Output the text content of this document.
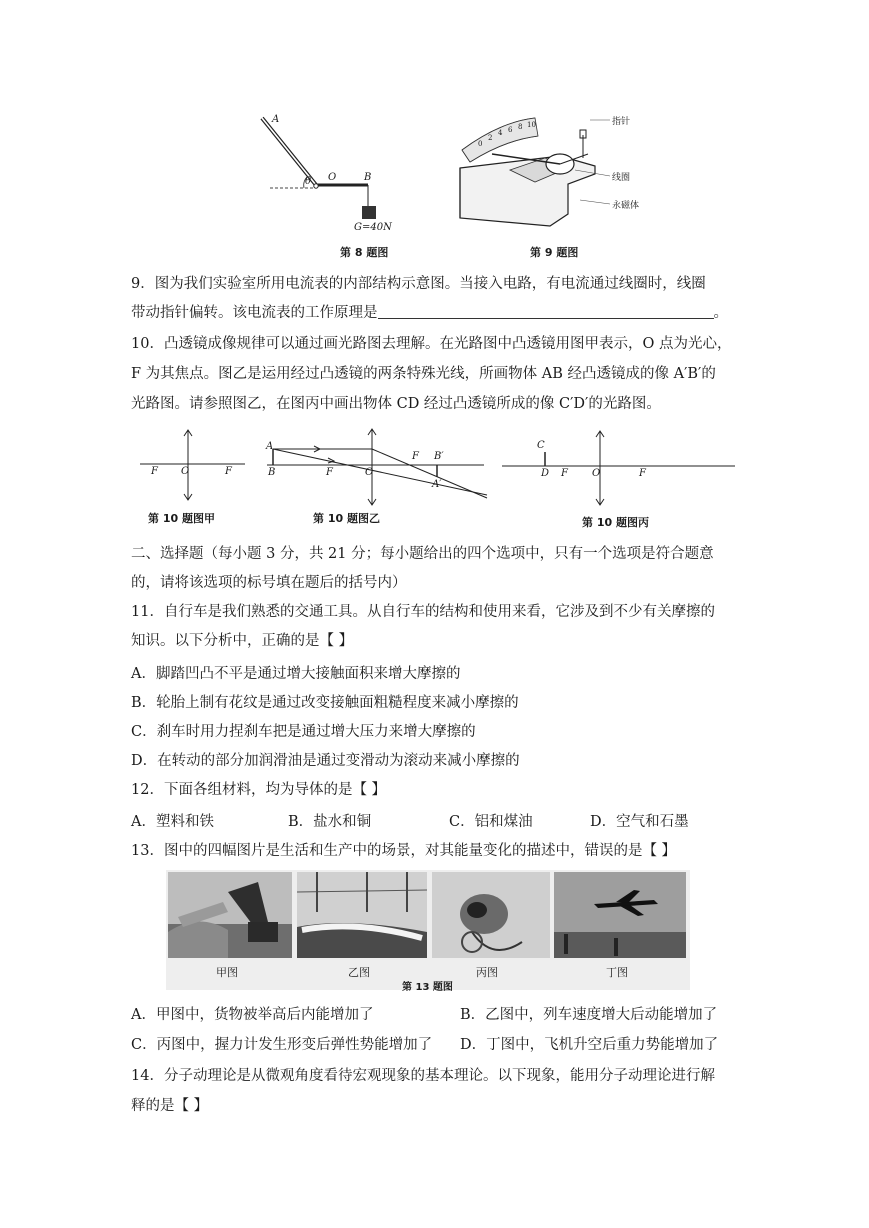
A
θ O	B
G=40N
第 8 题图
指针
线圈
永磁体
0
2
4 6 8 10
第 9 题图
9．图为我们实验室所用电流表的内部结构示意图。当接入电路，有电流通过线圈时，线圈
带动指针偏转。该电流表的工作原理是	。
10．凸透镜成像规律可以通过画光路图去理解。在光路图中凸透镜用图甲表示，O 点为光心，
F 为其焦点。图乙是运用经过凸透镜的两条特殊光线，所画物体 AB 经凸透镜成的像 A′B′的
光路图。请参照图乙，在图丙中画出物体 CD 经过凸透镜所成的像 C′D′的光路图。
F O	F
第 10 题图甲
A
B	F	O
F B′
A′
第 10 题图乙
C
D F O	F
第 10 题图丙
二、选择题（每小题 3 分，共 21 分；每小题给出的四个选项中，只有一个选项是符合题意
的，请将该选项的标号填在题后的括号内）
11．自行车是我们熟悉的交通工具。从自行车的结构和使用来看，它涉及到不少有关摩擦的
知识。以下分析中，正确的是【 】
A．脚踏凹凸不平是通过增大接触面积来增大摩擦的
B．轮胎上制有花纹是通过改变接触面粗糙程度来减小摩擦的
C．刹车时用力捏刹车把是通过增大压力来增大摩擦的
D．在转动的部分加润滑油是通过变滑动为滚动来减小摩擦的
12．下面各组材料，均为导体的是【 】
A．塑料和铁	B．盐水和铜	C．铝和煤油	D．空气和石墨
13．图中的四幅图片是生活和生产中的场景，对其能量变化的描述中，错误的是【 】
甲图	乙图	丙图	丁图
第 13 题图
A．甲图中，货物被举高后内能增加了	B．乙图中，列车速度增大后动能增加了
C．丙图中，握力计发生形变后弹性势能增加了 D．丁图中，飞机升空后重力势能增加了
14．分子动理论是从微观角度看待宏观现象的基本理论。以下现象，能用分子动理论进行解
释的是【 】
